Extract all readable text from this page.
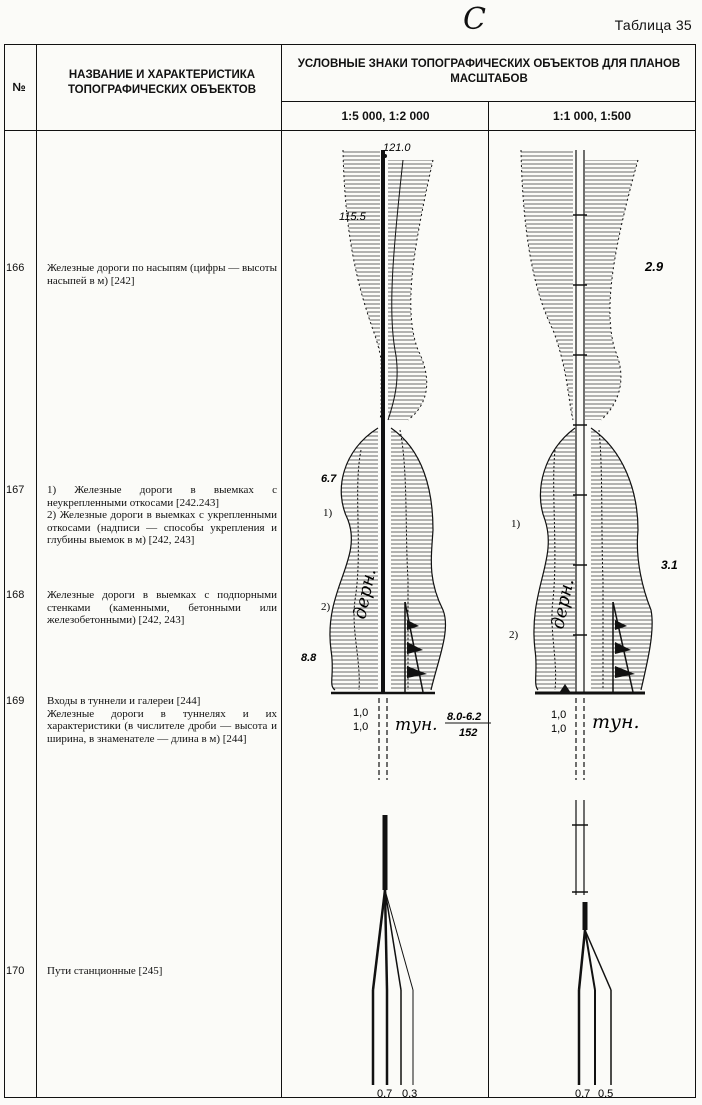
C	Таблица 35
№
НАЗВАНИЕ И ХАРАКТЕРИСТИКА ТОПОГРАФИЧЕСКИХ ОБЪЕКТОВ
УСЛОВНЫЕ ЗНАКИ ТОПОГРАФИЧЕСКИХ ОБЪЕКТОВ ДЛЯ ПЛАНОВ МАСШТАБОВ
1:5 000, 1:2 000	1:1 000, 1:500
166	Железные дороги по насыпям (цифры — высоты насыпей в м) [242]

167	1) Железные дороги в выемках с неукрепленными откосами [242.243]

2) Железные дороги в выемках с укрепленными откосами (надписи — способы укрепления и глубины выемок в м) [242, 243]

168	Железные дороги в выемках с подпорными стенками (каменными, бетонными или железобетонными) [242, 243]

169	Входы в туннели и галереи [244]

Железные дороги в туннелях и их характеристики (в числителе дроби — высота и ширина, в знаменателе — длина в м) [244]

170	Пути станционные [245]

121.0
115.5
6.7
1)
2)
8.8
дерн.
1,0
1,0 тун. 8.0-6.2
152
0,7 0,3
2.9
1)
2)
3.1
дерн.
1,0
1,0 тун.
0,7 0,5
